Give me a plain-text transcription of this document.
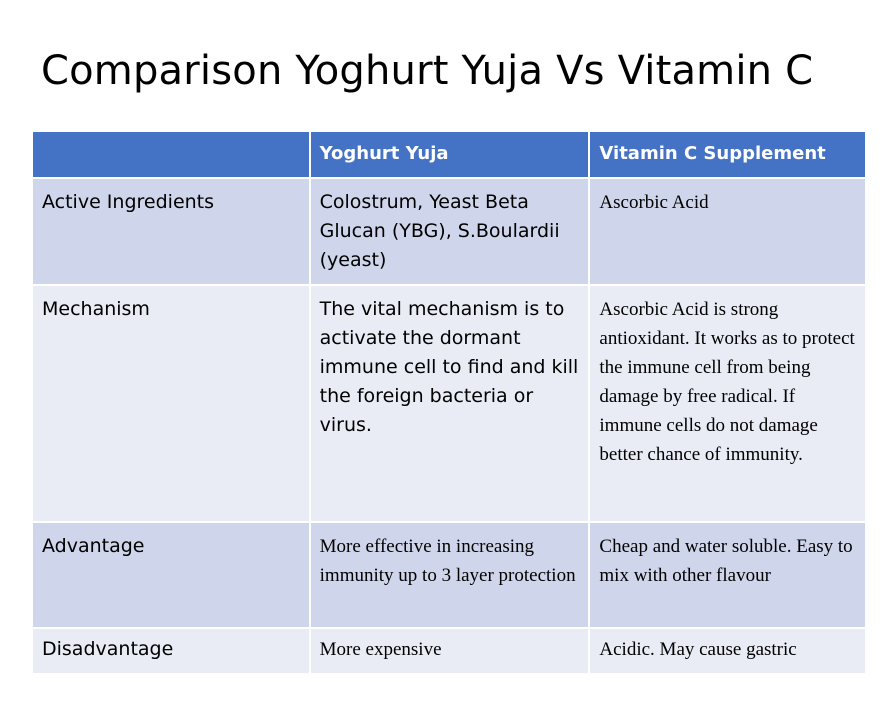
Comparison Yoghurt Yuja Vs Vitamin C
	Yoghurt Yuja	Vitamin C Supplement
Active Ingredients	Colostrum, Yeast Beta Glucan (YBG), S.Boulardii (yeast)	Ascorbic Acid
Mechanism	The vital mechanism is to activate the dormant immune cell to find and kill the foreign bacteria or virus.	Ascorbic Acid is strong antioxidant. It works as to protect the immune cell from being damage by free radical. If immune cells do not damage better chance of immunity.
Advantage	More effective in increasing immunity up to 3 layer protection	Cheap and water soluble. Easy to mix with other flavour
Disadvantage	More expensive	Acidic. May cause gastric
